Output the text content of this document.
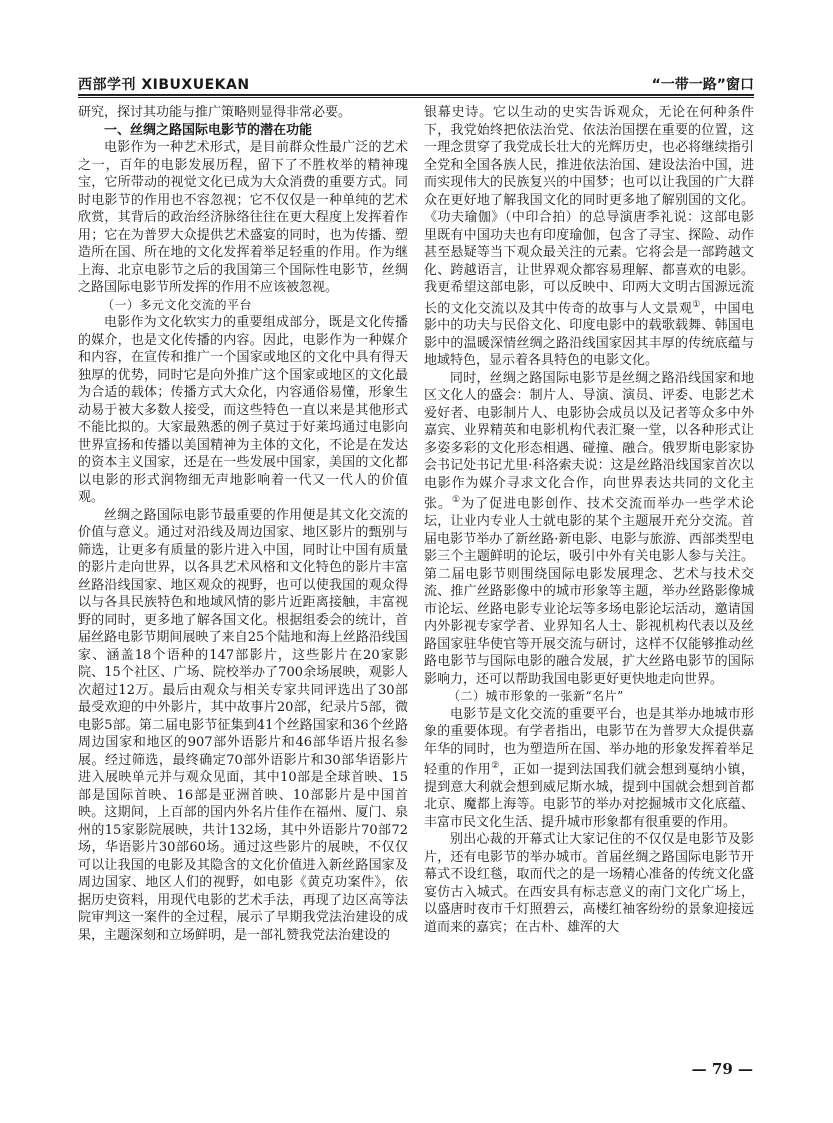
西部学刊 XIBUXUEKAN	“一带一路”窗口

研究，探讨其功能与推广策略则显得非常必要。

一、丝绸之路国际电影节的潜在功能

电影作为一种艺术形式，是目前群众性最广泛的艺术之一，百年的电影发展历程，留下了不胜枚举的精神瑰宝，它所带动的视觉文化已成为大众消费的重要方式。同时电影节的作用也不容忽视；它不仅仅是一种单纯的艺术欣赏，其背后的政治经济脉络往往在更大程度上发挥着作用；它在为普罗大众提供艺术盛宴的同时，也为传播、塑造所在国、所在地的文化发挥着举足轻重的作用。作为继上海、北京电影节之后的我国第三个国际性电影节，丝绸之路国际电影节所发挥的作用不应该被忽视。

（一）多元文化交流的平台

电影作为文化软实力的重要组成部分，既是文化传播的媒介，也是文化传播的内容。因此，电影作为一种媒介和内容，在宣传和推广一个国家或地区的文化中具有得天独厚的优势，同时它是向外推广这个国家或地区的文化最为合适的载体；传播方式大众化，内容通俗易懂，形象生动易于被大多数人接受，而这些特色一直以来是其他形式不能比拟的。大家最熟悉的例子莫过于好莱坞通过电影向世界宣扬和传播以美国精神为主体的文化，不论是在发达的资本主义国家，还是在一些发展中国家，美国的文化都以电影的形式润物细无声地影响着一代又一代人的价值观。

丝绸之路国际电影节最重要的作用便是其文化交流的价值与意义。通过对沿线及周边国家、地区影片的甄别与筛选，让更多有质量的影片进入中国，同时让中国有质量的影片走向世界，以各具艺术风格和文化特色的影片丰富丝路沿线国家、地区观众的视野，也可以使我国的观众得以与各具民族特色和地域风情的影片近距离接触，丰富视野的同时，更多地了解各国文化。根据组委会的统计，首届丝路电影节期间展映了来自25个陆地和海上丝路沿线国家、涵盖18个语种的147部影片，这些影片在20家影院、15个社区、广场、院校举办了700余场展映，观影人次超过12万。最后由观众与相关专家共同评选出了30部最受欢迎的中外影片，其中故事片20部，纪录片5部，微电影5部。第二届电影节征集到41个丝路国家和36个丝路周边国家和地区的907部外语影片和46部华语片报名参展。经过筛选，最终确定70部外语影片和30部华语影片进入展映单元并与观众见面，其中10部是全球首映、15部是国际首映、16部是亚洲首映、10部影片是中国首映。这期间，上百部的国内外名片佳作在福州、厦门、泉州的15家影院展映，共计132场，其中外语影片70部72场，华语影片30部60场。通过这些影片的展映，不仅仅可以让我国的电影及其隐含的文化价值进入新丝路国家及周边国家、地区人们的视野，如电影《黄克功案件》，依据历史资料，用现代电影的艺术手法，再现了边区高等法院审判这一案件的全过程，展示了早期我党法治建设的成果，主题深刻和立场鲜明，是一部礼赞我党法治建设的

银幕史诗。它以生动的史实告诉观众，无论在何种条件下，我党始终把依法治党、依法治国摆在重要的位置，这一理念贯穿了我党成长壮大的光辉历史，也必将继续指引全党和全国各族人民，推进依法治国、建设法治中国，进而实现伟大的民族复兴的中国梦；也可以让我国的广大群众在更好地了解我国文化的同时更多地了解别国的文化。《功夫瑜伽》（中印合拍）的总导演唐季礼说：这部电影里既有中国功夫也有印度瑜伽，包含了寻宝、探险、动作甚至悬疑等当下观众最关注的元素。它将会是一部跨越文化、跨越语言，让世界观众都容易理解、都喜欢的电影。我更希望这部电影，可以反映中、印两大文明古国源远流长的文化交流以及其中传奇的故事与人文景观①，中国电影中的功夫与民俗文化、印度电影中的载歌载舞、韩国电影中的温暖深情丝绸之路沿线国家因其丰厚的传统底蕴与地域特色，显示着各具特色的电影文化。

同时，丝绸之路国际电影节是丝绸之路沿线国家和地区文化人的盛会：制片人、导演、演员、评委、电影艺术爱好者、电影制片人、电影协会成员以及记者等众多中外嘉宾、业界精英和电影机构代表汇聚一堂，以各种形式让多姿多彩的文化形态相遇、碰撞、融合。俄罗斯电影家协会书记处书记尤里·科洛索夫说：这是丝路沿线国家首次以电影作为媒介寻求文化合作，向世界表达共同的文化主张。①为了促进电影创作、技术交流而举办一些学术论坛，让业内专业人士就电影的某个主题展开充分交流。首届电影节举办了新丝路·新电影、电影与旅游、西部类型电影三个主题鲜明的论坛，吸引中外有关电影人参与关注。第二届电影节则围绕国际电影发展理念、艺术与技术交流、推广丝路影像中的城市形象等主题，举办丝路影像城市论坛、丝路电影专业论坛等多场电影论坛活动，邀请国内外影视专家学者、业界知名人士、影视机构代表以及丝路国家驻华使官等开展交流与研讨，这样不仅能够推动丝路电影节与国际电影的融合发展，扩大丝路电影节的国际影响力，还可以帮助我国电影更好更快地走向世界。

（二）城市形象的一张新“名片”

电影节是文化交流的重要平台，也是其举办地城市形象的重要体现。有学者指出，电影节在为普罗大众提供嘉年华的同时，也为塑造所在国、举办地的形象发挥着举足轻重的作用②，正如一提到法国我们就会想到戛纳小镇，提到意大利就会想到威尼斯水城，提到中国就会想到首都北京、魔都上海等。电影节的举办对挖掘城市文化底蕴、丰富市民文化生活、提升城市形象都有很重要的作用。

别出心裁的开幕式让大家记住的不仅仅是电影节及影片，还有电影节的举办城市。首届丝绸之路国际电影节开幕式不设红毯，取而代之的是一场精心准备的传统文化盛宴仿古入城式。在西安具有标志意义的南门文化广场上，以盛唐时夜市千灯照碧云，高楼红袖客纷纷的景象迎接远道而来的嘉宾；在古朴、雄浑的大

— 79 —
